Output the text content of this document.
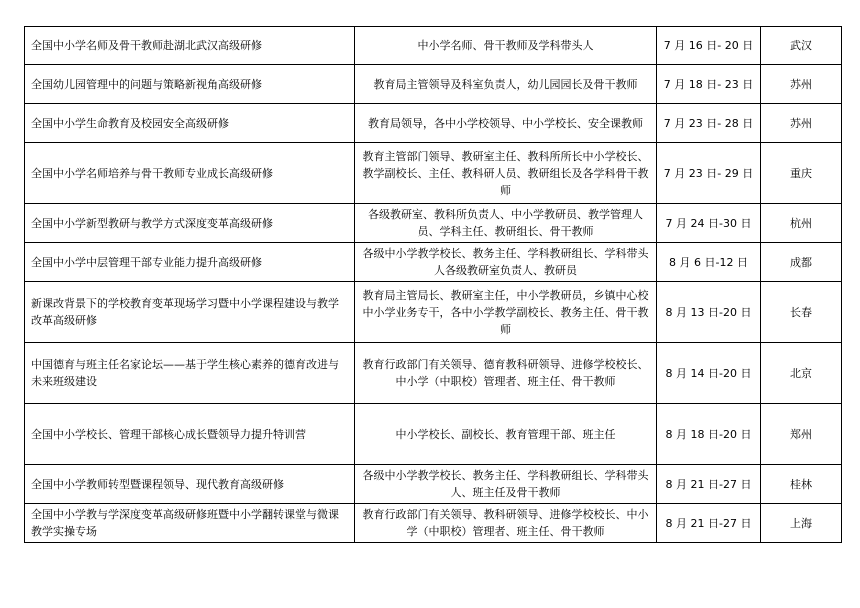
全国中小学名师及骨干教师赴湖北武汉高级研修	中小学名师、骨干教师及学科带头人	7 月 16 日- 20 日	武汉
全国幼儿园管理中的问题与策略新视角高级研修	教育局主管领导及科室负责人，幼儿园园长及骨干教师	7 月 18 日- 23 日	苏州
全国中小学生命教育及校园安全高级研修	教育局领导，各中小学校领导、中小学校长、安全课教师	7 月 23 日- 28 日	苏州
全国中小学名师培养与骨干教师专业成长高级研修	教育主管部门领导、教研室主任、教科所所长中小学校长、教学副校长、主任、教科研人员、教研组长及各学科骨干教师	7 月 23 日- 29 日	重庆
全国中小学新型教研与教学方式深度变革高级研修	各级教研室、教科所负责人、中小学教研员、教学管理人员、学科主任、教研组长、骨干教师	7 月 24 日-30 日	杭州
全国中小学中层管理干部专业能力提升高级研修	各级中小学教学校长、教务主任、学科教研组长、学科带头人各级教研室负责人、教研员	8 月 6 日-12 日	成都
新课改背景下的学校教育变革现场学习暨中小学课程建设与教学改革高级研修	教育局主管局长、教研室主任，中小学教研员，乡镇中心校中小学业务专干，各中小学教学副校长、教务主任、骨干教师	8 月 13 日-20 日	长春
中国德育与班主任名家论坛——基于学生核心素养的德育改进与未来班级建设	教育行政部门有关领导、德育教科研领导、进修学校校长、中小学（中职校）管理者、班主任、骨干教师	8 月 14 日-20 日	北京
全国中小学校长、管理干部核心成长暨领导力提升特训营	中小学校长、副校长、教育管理干部、班主任	8 月 18 日-20 日	郑州
全国中小学教师转型暨课程领导、现代教育高级研修	各级中小学教学校长、教务主任、学科教研组长、学科带头人、班主任及骨干教师	8 月 21 日-27 日	桂林
全国中小学教与学深度变革高级研修班暨中小学翻转课堂与微课教学实操专场	教育行政部门有关领导、教科研领导、进修学校校长、中小学（中职校）管理者、班主任、骨干教师	8 月 21 日-27 日	上海
